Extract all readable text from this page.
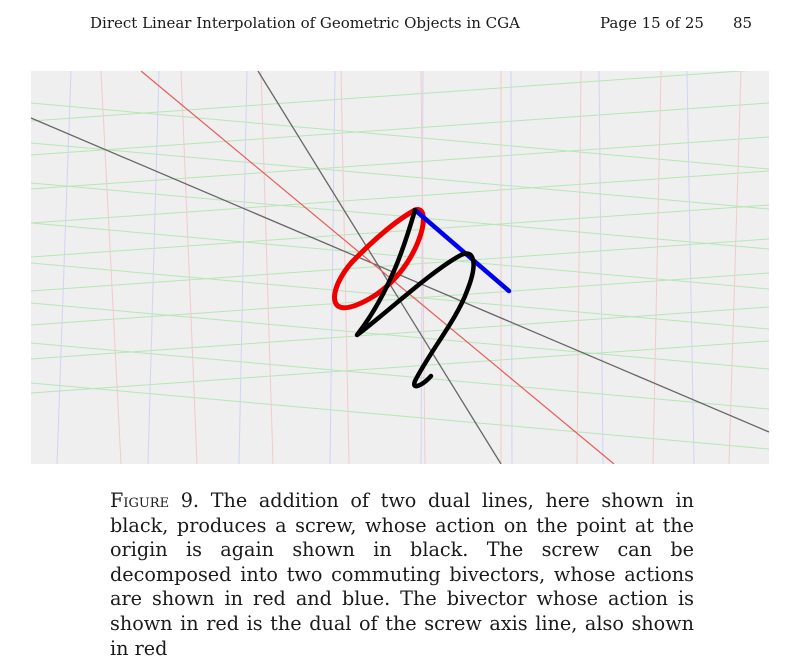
Direct Linear Interpolation of Geometric Objects in CGA	Page 15 of 25 85
Figure 9. The addition of two dual lines, here shown in black, produces a screw, whose action on the point at the origin is again shown in black. The screw can be decomposed into two commuting bivectors, whose actions are shown in red and blue. The bivector whose action is shown in red is the dual of the screw axis line, also shown in red
